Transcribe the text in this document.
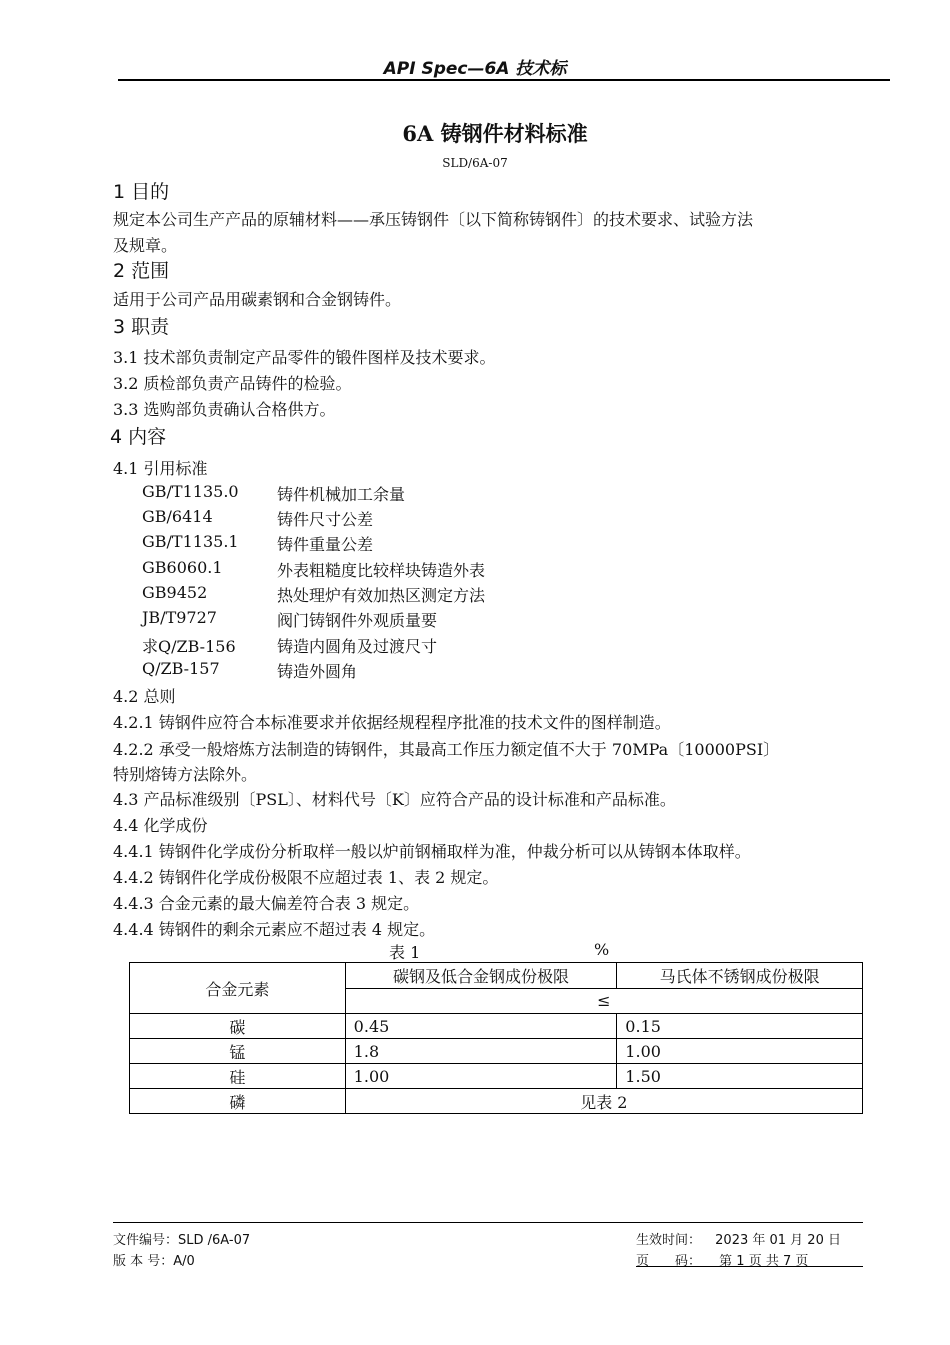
API Spec—6A 技术标
6A 铸钢件材料标准
SLD/6A-07
1 目的
规定本公司生产产品的原辅材料——承压铸钢件〔以下简称铸钢件〕的技术要求、试验方法
及规章。
2 范围
适用于公司产品用碳素钢和合金钢铸件。
3 职责
3.1 技术部负责制定产品零件的锻件图样及技术要求。
3.2 质检部负责产品铸件的检验。
3.3 选购部负责确认合格供方。
4 内容
4.1 引用标准
GB/T1135.0 铸件机械加工余量
GB/6414	铸件尺寸公差
GB/T1135.1 铸件重量公差
GB6060.1	外表粗糙度比较样块铸造外表
GB9452	热处理炉有效加热区测定方法
JB/T9727	阀门铸钢件外观质量要
求Q/ZB-156	铸造内圆角及过渡尺寸
Q/ZB-157	铸造外圆角
4.2 总则
4.2.1 铸钢件应符合本标准要求并依据经规程程序批准的技术文件的图样制造。
4.2.2 承受一般熔炼方法制造的铸钢件，其最高工作压力额定值不大于 70MPa〔10000PSI〕
特别熔铸方法除外。
4.3 产品标准级别〔PSL〕、材料代号〔K〕应符合产品的设计标准和产品标准。
4.4 化学成份
4.4.1 铸钢件化学成份分析取样一般以炉前钢桶取样为准，仲裁分析可以从铸钢本体取样。
4.4.2 铸钢件化学成份极限不应超过表 1、表 2 规定。
4.4.3 合金元素的最大偏差符合表 3 规定。
4.4.4 铸钢件的剩余元素应不超过表 4 规定。
表 1	%
合金元素	碳钢及低合金钢成份极限	马氏体不锈钢成份极限
	≤	
碳	0.45	0.15
锰	1.8	1.00
硅	1.00	1.50
磷	见表 2	
文件编号：SLD /6A-07
版 本 号：A/0
生效时间： 2023 年 01 月 20 日
页　　码： 第 1 页 共 7 页
